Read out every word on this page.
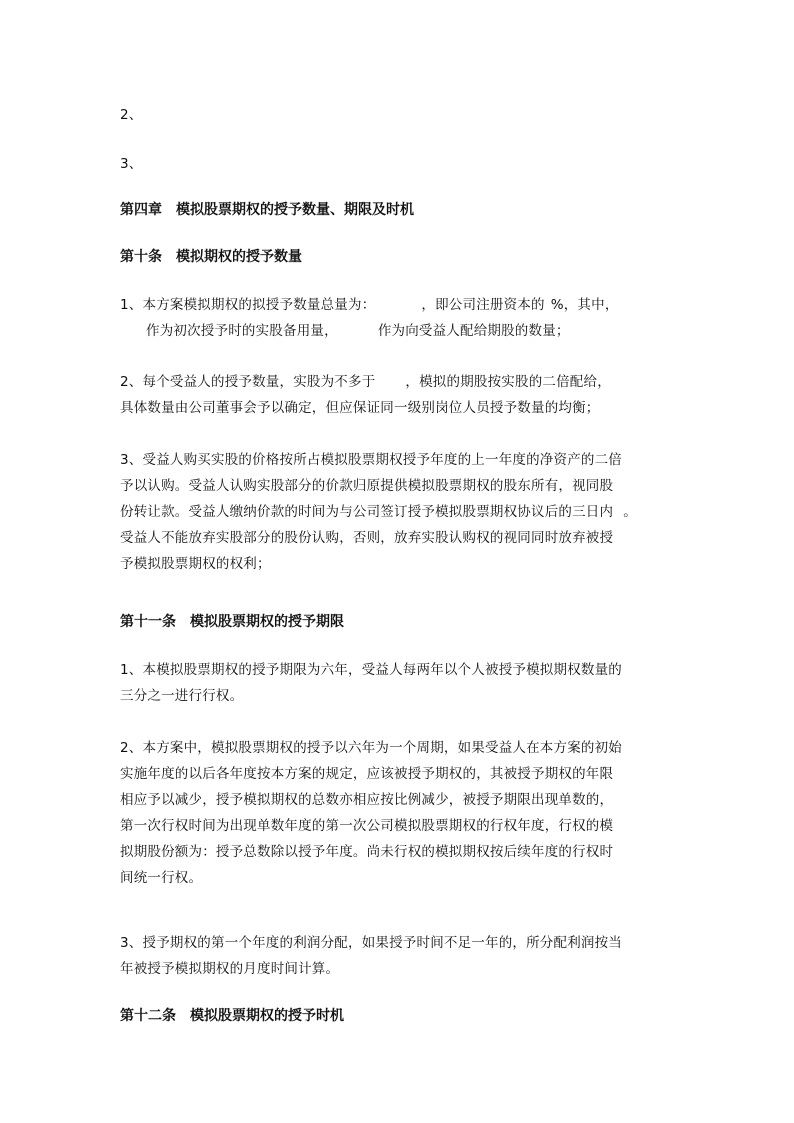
2、
3、
第四章 模拟股票期权的授予数量、期限及时机
第十条 模拟期权的授予数量
1、本方案模拟期权的拟授予数量总量为：	，即公司注册资本的 %，其中，
作为初次授予时的实股备用量，	作为向受益人配给期股的数量；
2、每个受益人的授予数量，实股为不多于 ，模拟的期股按实股的二倍配给，
具体数量由公司董事会予以确定，但应保证同一级别岗位人员授予数量的均衡；
3、受益人购买实股的价格按所占模拟股票期权授予年度的上一年度的净资产的二倍
予以认购。受益人认购实股部分的价款归原提供模拟股票期权的股东所有，视同股
份转让款。受益人缴纳价款的时间为与公司签订授予模拟股票期权协议后的三日内 。
受益人不能放弃实股部分的股份认购，否则，放弃实股认购权的视同同时放弃被授
予模拟股票期权的权利；
第十一条 模拟股票期权的授予期限
1、本模拟股票期权的授予期限为六年，受益人每两年以个人被授予模拟期权数量的
三分之一进行行权。
2、本方案中，模拟股票期权的授予以六年为一个周期，如果受益人在本方案的初始
实施年度的以后各年度按本方案的规定，应该被授予期权的，其被授予期权的年限
相应予以减少，授予模拟期权的总数亦相应按比例减少，被授予期限出现单数的，
第一次行权时间为出现单数年度的第一次公司模拟股票期权的行权年度，行权的模
拟期股份额为：授予总数除以授予年度。尚未行权的模拟期权按后续年度的行权时
间统一行权。
3、授予期权的第一个年度的利润分配，如果授予时间不足一年的，所分配利润按当
年被授予模拟期权的月度时间计算。
第十二条 模拟股票期权的授予时机
